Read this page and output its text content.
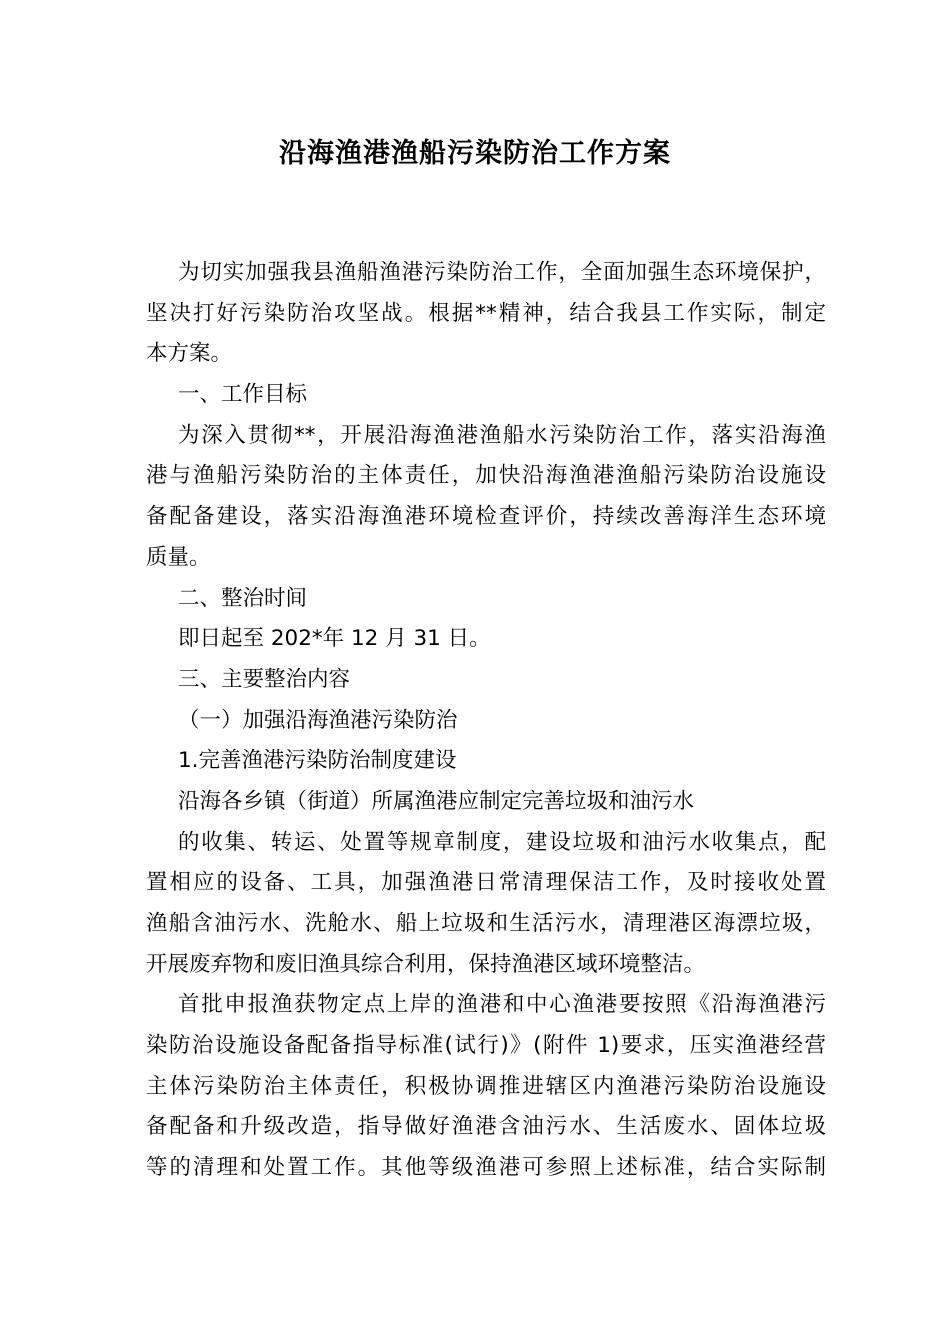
沿海渔港渔船污染防治工作方案
为切实加强我县渔船渔港污染防治工作，全面加强生态环境保护，
坚决打好污染防治攻坚战。根据**精神，结合我县工作实际，制定
本方案。
一、工作目标
为深入贯彻**，开展沿海渔港渔船水污染防治工作，落实沿海渔
港与渔船污染防治的主体责任，加快沿海渔港渔船污染防治设施设
备配备建设，落实沿海渔港环境检查评价，持续改善海洋生态环境
质量。
二、整治时间
即日起至 202*年 12 月 31 日。
三、主要整治内容
（一）加强沿海渔港污染防治
1.完善渔港污染防治制度建设
沿海各乡镇（街道）所属渔港应制定完善垃圾和油污水
的收集、转运、处置等规章制度，建设垃圾和油污水收集点，配
置相应的设备、工具，加强渔港日常清理保洁工作，及时接收处置
渔船含油污水、洗舱水、船上垃圾和生活污水，清理港区海漂垃圾，
开展废弃物和废旧渔具综合利用，保持渔港区域环境整洁。
首批申报渔获物定点上岸的渔港和中心渔港要按照《沿海渔港污
染防治设施设备配备指导标准(试行)》(附件 1)要求，压实渔港经营
主体污染防治主体责任，积极协调推进辖区内渔港污染防治设施设
备配备和升级改造，指导做好渔港含油污水、生活废水、固体垃圾
等的清理和处置工作。其他等级渔港可参照上述标准，结合实际制
